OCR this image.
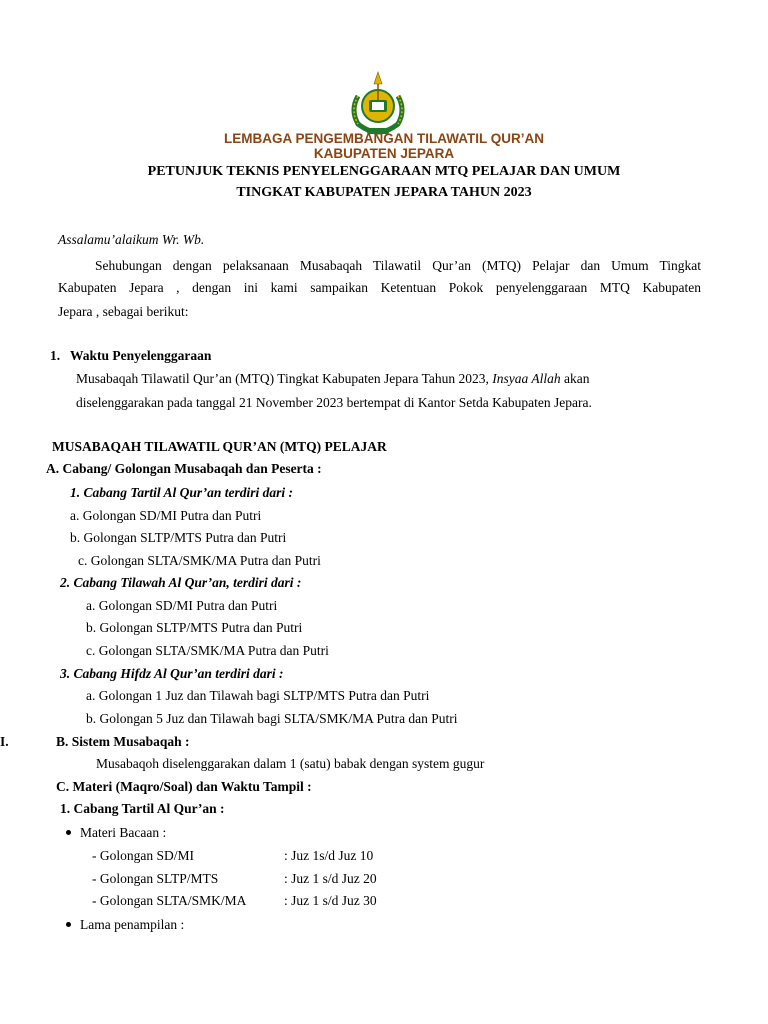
LEMBAGA PENGEMBANGAN TILAWATIL QUR’AN
KABUPATEN JEPARA
PETUNJUK TEKNIS PENYELENGGARAAN MTQ PELAJAR DAN UMUM
TINGKAT KABUPATEN JEPARA TAHUN 2023
Assalamu’alaikum Wr. Wb.
Sehubungan dengan pelaksanaan Musabaqah Tilawatil Qur’an (MTQ) Pelajar dan Umum Tingkat
Kabupaten Jepara , dengan ini kami sampaikan Ketentuan Pokok penyelenggaraan MTQ Kabupaten
Jepara , sebagai berikut:
1. Waktu Penyelenggaraan
Musabaqah Tilawatil Qur’an (MTQ) Tingkat Kabupaten Jepara Tahun 2023, Insyaa Allah akan
diselenggarakan pada tanggal 21 November 2023 bertempat di Kantor Setda Kabupaten Jepara.
MUSABAQAH TILAWATIL QUR’AN (MTQ) PELAJAR
A. Cabang/ Golongan Musabaqah dan Peserta :
1. Cabang Tartil Al Qur’an terdiri dari :
a. Golongan SD/MI Putra dan Putri
b. Golongan SLTP/MTS Putra dan Putri
c. Golongan SLTA/SMK/MA Putra dan Putri
2. Cabang Tilawah Al Qur’an, terdiri dari :
a. Golongan SD/MI Putra dan Putri
b. Golongan SLTP/MTS Putra dan Putri
c. Golongan SLTA/SMK/MA Putra dan Putri
3. Cabang Hifdz Al Qur’an terdiri dari :
a. Golongan 1 Juz dan Tilawah bagi SLTP/MTS Putra dan Putri
b. Golongan 5 Juz dan Tilawah bagi SLTA/SMK/MA Putra dan Putri
I.	B. Sistem Musabaqah :
Musabaqoh diselenggarakan dalam 1 (satu) babak dengan system gugur
C. Materi (Maqro/Soal) dan Waktu Tampil :
1. Cabang Tartil Al Qur’an :
Materi Bacaan :
- Golongan SD/MI	: Juz 1s/d Juz 10
- Golongan SLTP/MTS	: Juz 1 s/d Juz 20
- Golongan SLTA/SMK/MA	: Juz 1 s/d Juz 30
Lama penampilan :
